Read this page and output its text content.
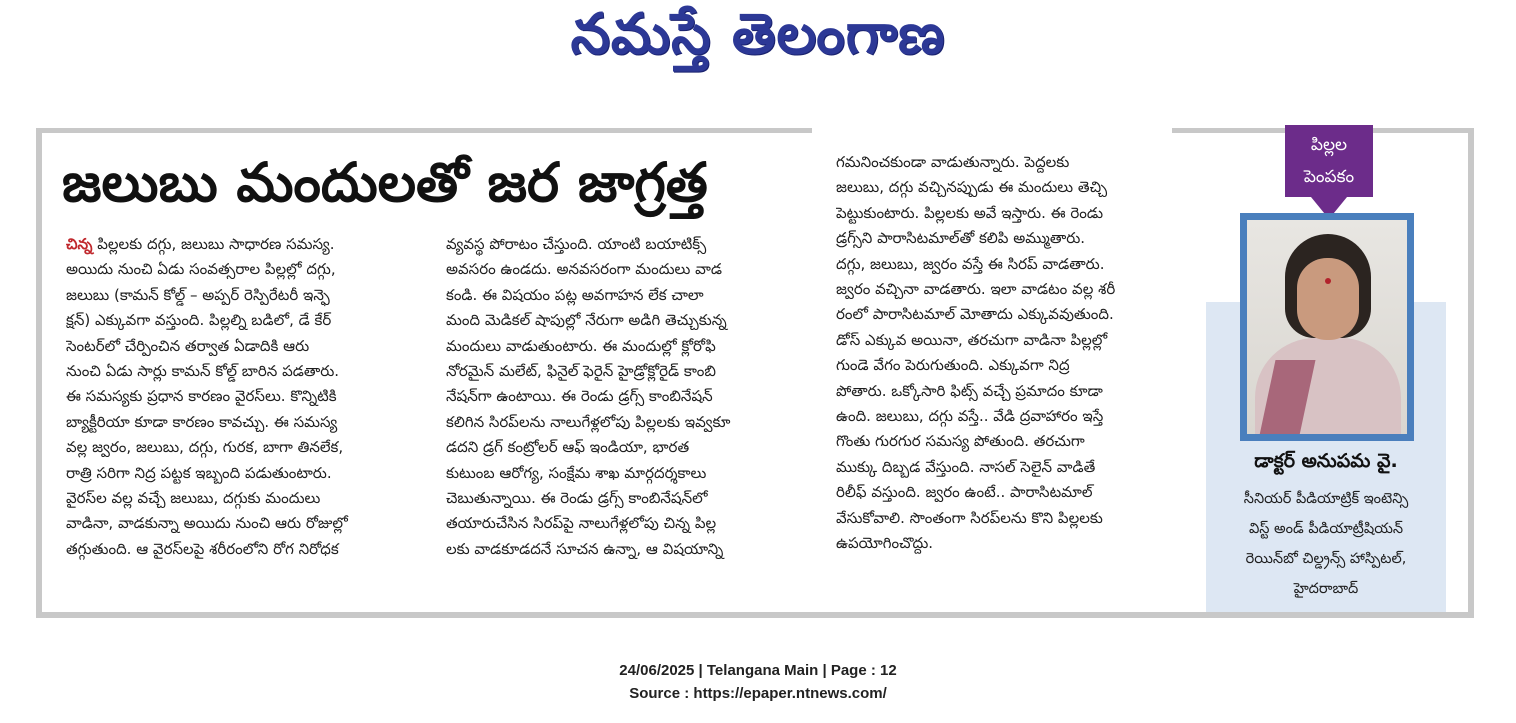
నమస్తే తెలంగాణ
జలుబు మందులతో జర జాగ్రత్త
చిన్న పిల్లలకు దగ్గు, జలుబు సాధారణ సమస్య.
అయిదు నుంచి ఏడు సంవత్సరాల పిల్లల్లో దగ్గు,
జలుబు (కామన్ కోల్డ్ – అప్పర్ రెస్పిరేటరీ ఇన్ఫె
క్షన్) ఎక్కువగా వస్తుంది. పిల్లల్ని బడిలో, డే కేర్
సెంటర్‌లో చేర్పించిన తర్వాత ఏడాదికి ఆరు
నుంచి ఏడు సార్లు కామన్ కోల్డ్ బారిన పడతారు.
ఈ సమస్యకు ప్రధాన కారణం వైరస్‌లు. కొన్నిటికి
బ్యాక్టీరియా కూడా కారణం కావచ్చు. ఈ సమస్య
వల్ల జ్వరం, జలుబు, దగ్గు, గురక, బాగా తినలేక,
రాత్రి సరిగా నిద్ర పట్టక ఇబ్బంది పడుతుంటారు.
వైరస్‌ల వల్ల వచ్చే జలుబు, దగ్గుకు మందులు
వాడినా, వాడకున్నా అయిదు నుంచి ఆరు రోజుల్లో
తగ్గుతుంది. ఆ వైరస్‌లపై శరీరంలోని రోగ నిరోధక
వ్యవస్థ పోరాటం చేస్తుంది. యాంటి బయాటిక్స్
అవసరం ఉండదు. అనవసరంగా మందులు వాడ
కండి. ఈ విషయం పట్ల అవగాహన లేక చాలా
మంది మెడికల్ షాపుల్లో నేరుగా అడిగి తెచ్చుకున్న
మందులు వాడుతుంటారు. ఈ మందుల్లో క్లోరోఫి
నోరమైన్ మలేట్, ఫినైల్ ఫెరైన్ హైడ్రోక్లోరైడ్ కాంబి
నేషన్‌గా ఉంటాయి. ఈ రెండు డ్రగ్స్ కాంబినేషన్
కలిగిన సిరప్‌లను నాలుగేళ్లలోపు పిల్లలకు ఇవ్వకూ
డదని డ్రగ్ కంట్రోలర్ ఆఫ్ ఇండియా, భారత
కుటుంబ ఆరోగ్య, సంక్షేమ శాఖ మార్గదర్శకాలు
చెబుతున్నాయి. ఈ రెండు డ్రగ్స్ కాంబినేషన్‌లో
తయారుచేసిన సిరప్‌పై నాలుగేళ్లలోపు చిన్న పిల్ల
లకు వాడకూడదనే సూచన ఉన్నా, ఆ విషయాన్ని
గమనించకుండా వాడుతున్నారు. పెద్దలకు
జలుబు, దగ్గు వచ్చినప్పుడు ఈ మందులు తెచ్చి
పెట్టుకుంటారు. పిల్లలకు అవే ఇస్తారు. ఈ రెండు
డ్రగ్స్‌ని పారాసిటమాల్‌తో కలిపి అమ్ముతారు.
దగ్గు, జలుబు, జ్వరం వస్తే ఈ సిరప్ వాడతారు.
జ్వరం వచ్చినా వాడతారు. ఇలా వాడటం వల్ల శరీ
రంలో పారాసిటమాల్ మోతాదు ఎక్కువవుతుంది.
డోస్ ఎక్కువ అయినా, తరచుగా వాడినా పిల్లల్లో
గుండె వేగం పెరుగుతుంది. ఎక్కువగా నిద్ర
పోతారు. ఒక్కోసారి ఫిట్స్ వచ్చే ప్రమాదం కూడా
ఉంది. జలుబు, దగ్గు వస్తే.. వేడి ద్రవాహారం ఇస్తే
గొంతు గురగుర సమస్య పోతుంది. తరచుగా
ముక్కు దిబ్బడ వేస్తుంది. నాసల్ సెలైన్ వాడితే
రిలీఫ్ వస్తుంది. జ్వరం ఉంటే.. పారాసిటమాల్
వేసుకోవాలి. సొంతంగా సిరప్‌లను కొని పిల్లలకు
ఉపయోగించొద్దు.
పిల్లల
పెంపకం
డాక్టర్ అనుపమ వై.
సీనియర్ పీడియాట్రిక్ ఇంటెన్సి
విస్ట్ అండ్ పీడియాట్రీషియన్
రెయిన్‌బో చిల్డ్రన్స్ హాస్పిటల్,
హైదరాబాద్
24/06/2025 | Telangana Main | Page : 12
Source : https://epaper.ntnews.com/
